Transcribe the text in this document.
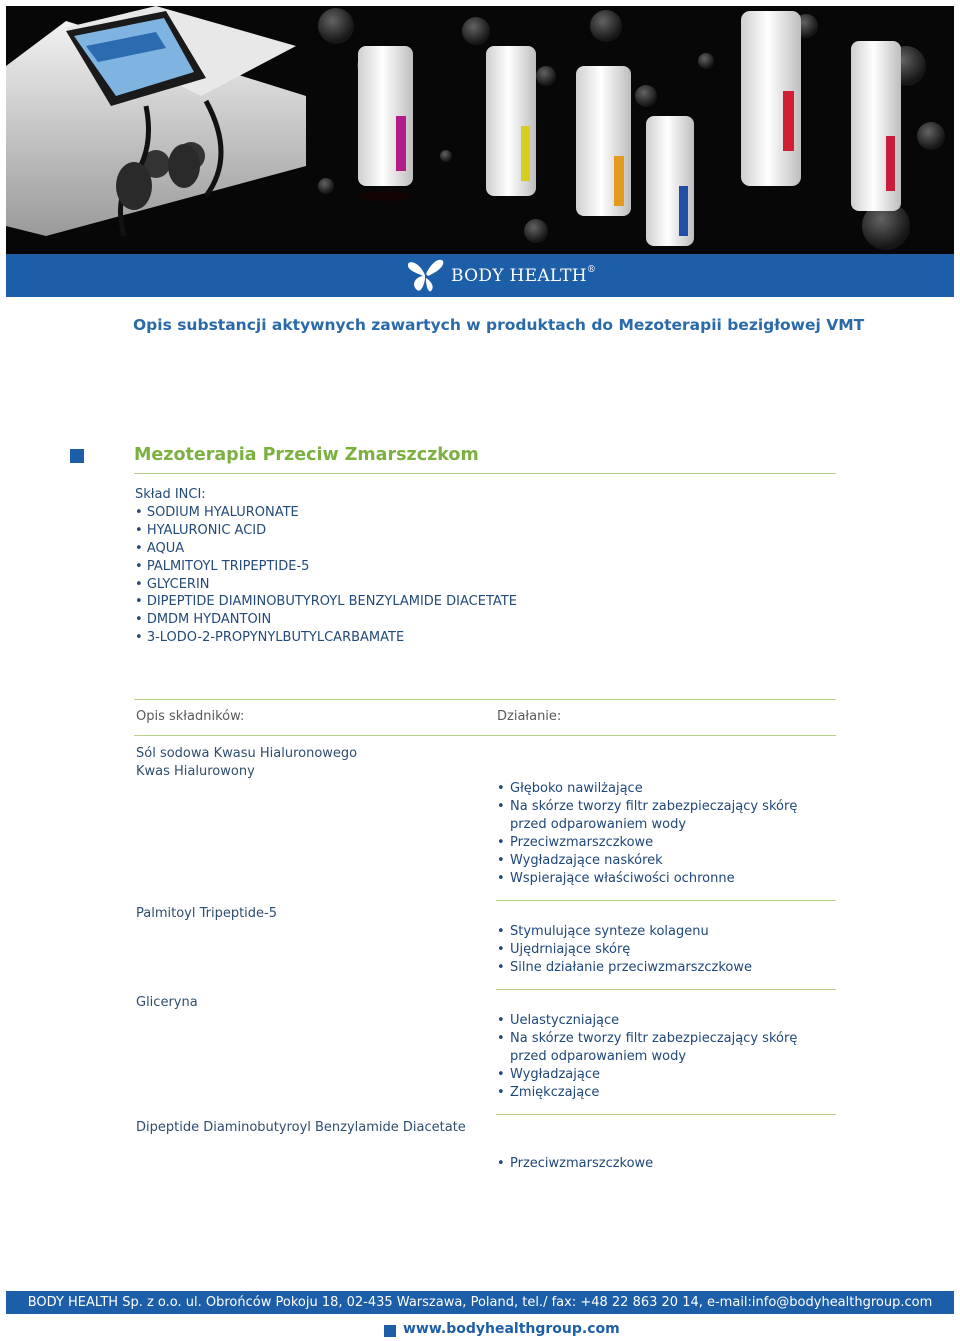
BODY HEALTH ®
Opis substancji aktywnych zawartych w produktach do Mezoterapii bezigłowej VMT
Mezoterapia Przeciw Zmarszczkom
Skład INCI:
• SODIUM HYALURONATE
• HYALURONIC ACID
• AQUA
• PALMITOYL TRIPEPTIDE-5
• GLYCERIN
• DIPEPTIDE DIAMINOBUTYROYL BENZYLAMIDE DIACETATE
• DMDM HYDANTOIN
• 3-LODO-2-PROPYNYLBUTYLCARBAMATE
Opis składników:	Działanie:
Sól sodowa Kwasu Hialuronowego
Kwas Hialurowony
• Głęboko nawilżające
• Na skórze tworzy filtr zabezpieczający skórę przed odparowaniem wody
• Przeciwzmarszczkowe
• Wygładzające naskórek
• Wspierające właściwości ochronne
Palmitoyl Tripeptide-5
• Stymulujące synteze kolagenu
• Ujędrniające skórę
• Silne działanie przeciwzmarszczkowe
Gliceryna
• Uelastyczniające
• Na skórze tworzy filtr zabezpieczający skórę przed odparowaniem wody
• Wygładzające
• Zmiękczające
Dipeptide Diaminobutyroyl Benzylamide Diacetate
• Przeciwzmarszczkowe
BODY HEALTH Sp. z o.o. ul. Obrońców Pokoju 18, 02-435 Warszawa, Poland, tel./ fax: +48 22 863 20 14, e-mail:info@bodyhealthgroup.com
www.bodyhealthgroup.com
